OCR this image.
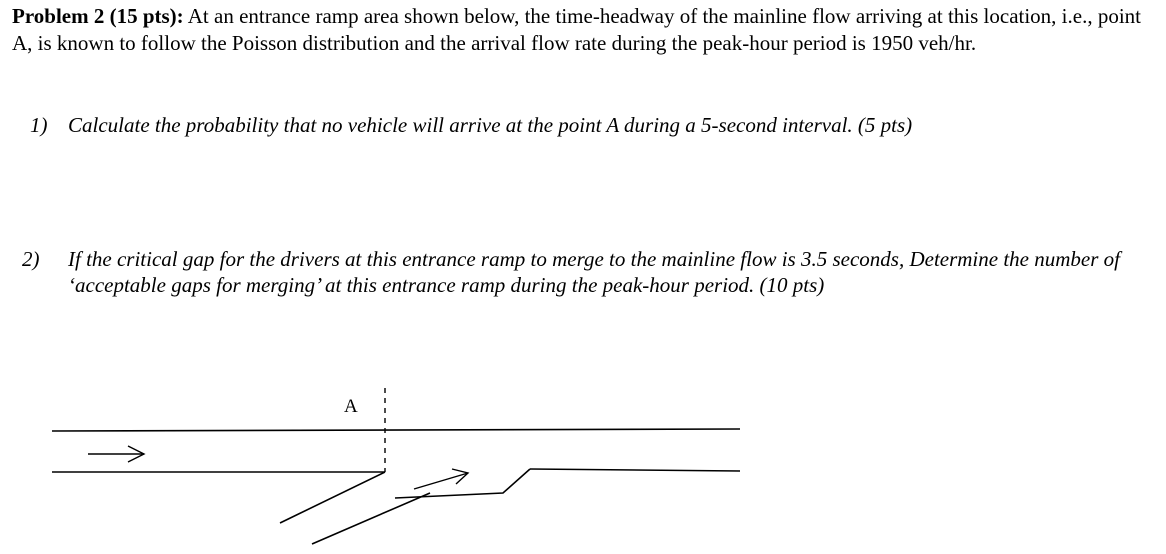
Problem 2 (15 pts): At an entrance ramp area shown below, the time-headway of the mainline flow arriving at this location, i.e., point A, is known to follow the Poisson distribution and the arrival flow rate during the peak-hour period is 1950 veh/hr.
1) Calculate the probability that no vehicle will arrive at the point A during a 5-second interval. (5 pts)
2) If the critical gap for the drivers at this entrance ramp to merge to the mainline flow is 3.5 seconds, Determine the number of ‘acceptable gaps for merging’ at this entrance ramp during the peak-hour period. (10 pts)
A
